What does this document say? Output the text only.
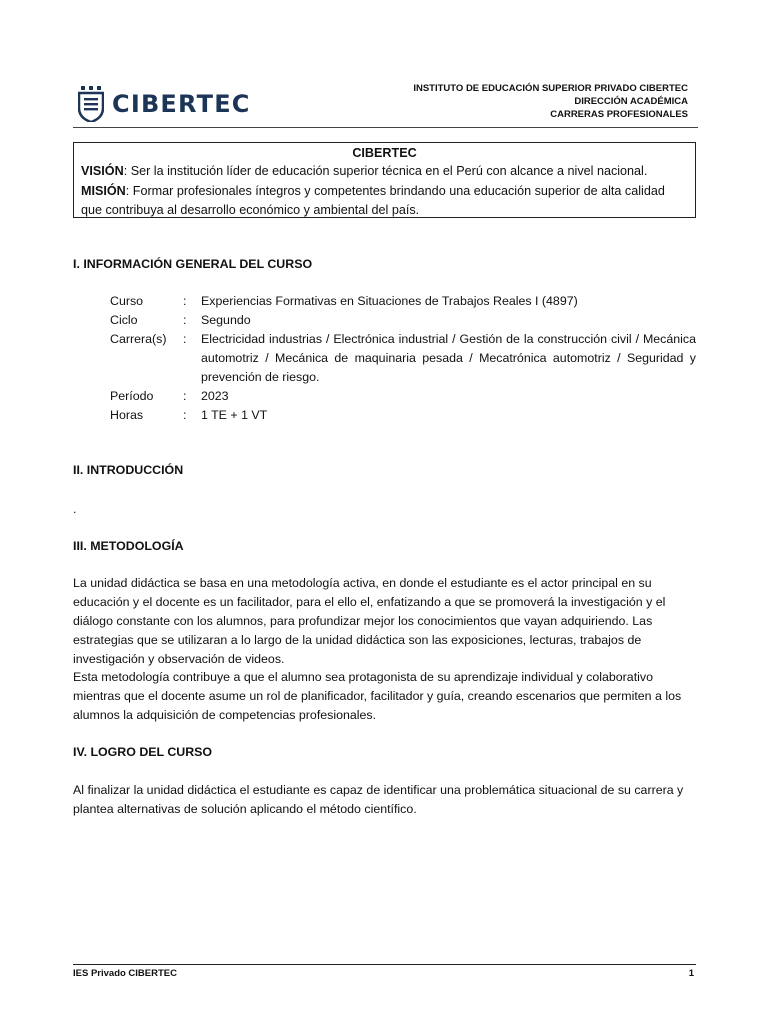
CIBERTEC
INSTITUTO DE EDUCACIÓN SUPERIOR PRIVADO CIBERTEC
DIRECCIÓN ACADÉMICA
CARRERAS PROFESIONALES
CIBERTEC
VISIÓN: Ser la institución líder de educación superior técnica en el Perú con alcance a nivel nacional.
MISIÓN: Formar profesionales íntegros y competentes brindando una educación superior de alta calidad que contribuya al desarrollo económico y ambiental del país.
I. INFORMACIÓN GENERAL DEL CURSO
Curso	:	Experiencias Formativas en Situaciones de Trabajos Reales I (4897)
Ciclo	:	Segundo
Carrera(s)	:	Electricidad industrias / Electrónica industrial / Gestión de la construcción civil / Mecánica automotriz / Mecánica de maquinaria pesada / Mecatrónica automotriz / Seguridad y prevención de riesgo.
Período	:	2023
Horas	:	1 TE + 1 VT
II. INTRODUCCIÓN
.
III. METODOLOGÍA
La unidad didáctica se basa en una metodología activa, en donde el estudiante es el actor principal en su educación y el docente es un facilitador, para el ello el, enfatizando a que se promoverá la investigación y el diálogo constante con los alumnos, para profundizar mejor los conocimientos que vayan adquiriendo. Las estrategias que se utilizaran a lo largo de la unidad didáctica son las exposiciones, lecturas, trabajos de investigación y observación de videos.
Esta metodología contribuye a que el alumno sea protagonista de su aprendizaje individual y colaborativo mientras que el docente asume un rol de planificador, facilitador y guía, creando escenarios que permiten a los alumnos la adquisición de competencias profesionales.
IV. LOGRO DEL CURSO
Al finalizar la unidad didáctica el estudiante es capaz de identificar una problemática situacional de su carrera y plantea alternativas de solución aplicando el método científico.
IES Privado CIBERTEC	1
